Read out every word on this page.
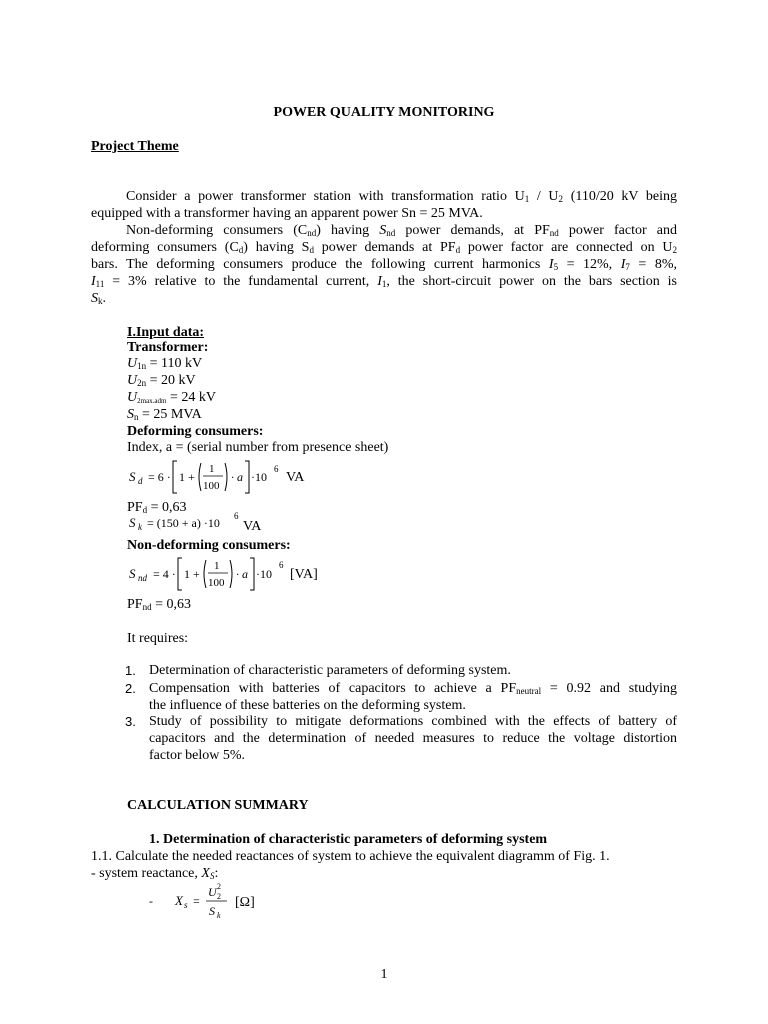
POWER QUALITY MONITORING
Project Theme
Consider a power transformer station with transformation ratio $U_1 / U_2$ (110/20 kV being
equipped with a transformer having an apparent power Sn = 25 MVA.
Non-deforming consumers $(C_{nd})$ having $S_{nd}$ power demands, at $PF_{nd}$ power factor and
deforming consumers $(C_d)$ having $S_d$ power demands at $PF_d$ power factor are connected on $U_2$
bars. The deforming consumers produce the following current harmonics $I_5 = 12\%$, $I_7 = 8\%$,
$I_{11} = 3\%$ relative to the fundamental current, $I_1$, the short-circuit power on the bars section is
$S_k$.
I.Input data:
Transformer:
$U_{1n} = 110$ kV
$U_{2n} = 20$ kV
$U_{2max.adm} = 24$ kV
$S_n = 25$ MVA
Deforming consumers:
Index, a = (serial number from presence sheet)
S d = 6 · 1 +
1
100
· a ·10
6
VA
$PF_d = 0,63$
S k = (150 + a) ·10 6
VA
Non-deforming consumers:
S nd = 4 · 1 +
1
100
· a ·10
6
[VA]
$PF_{nd} = 0,63$
It requires:
1. Determination of characteristic parameters of deforming system.
2. Compensation with batteries of capacitors to achieve a $PF_{neutral} = 0.92$ and studying
the influence of these batteries on the deforming system.
3. Study of possibility to mitigate deformations combined with the effects of battery of
capacitors and the determination of needed measures to reduce the voltage distortion
factor below 5%.
CALCULATION SUMMARY
1. Determination of characteristic parameters of deforming system
1.1. Calculate the needed reactances of system to achieve the equivalent diagramm of Fig. 1.
- system reactance, $X_S$:
- X s =
U 2
2
S k
[Ω]
1
